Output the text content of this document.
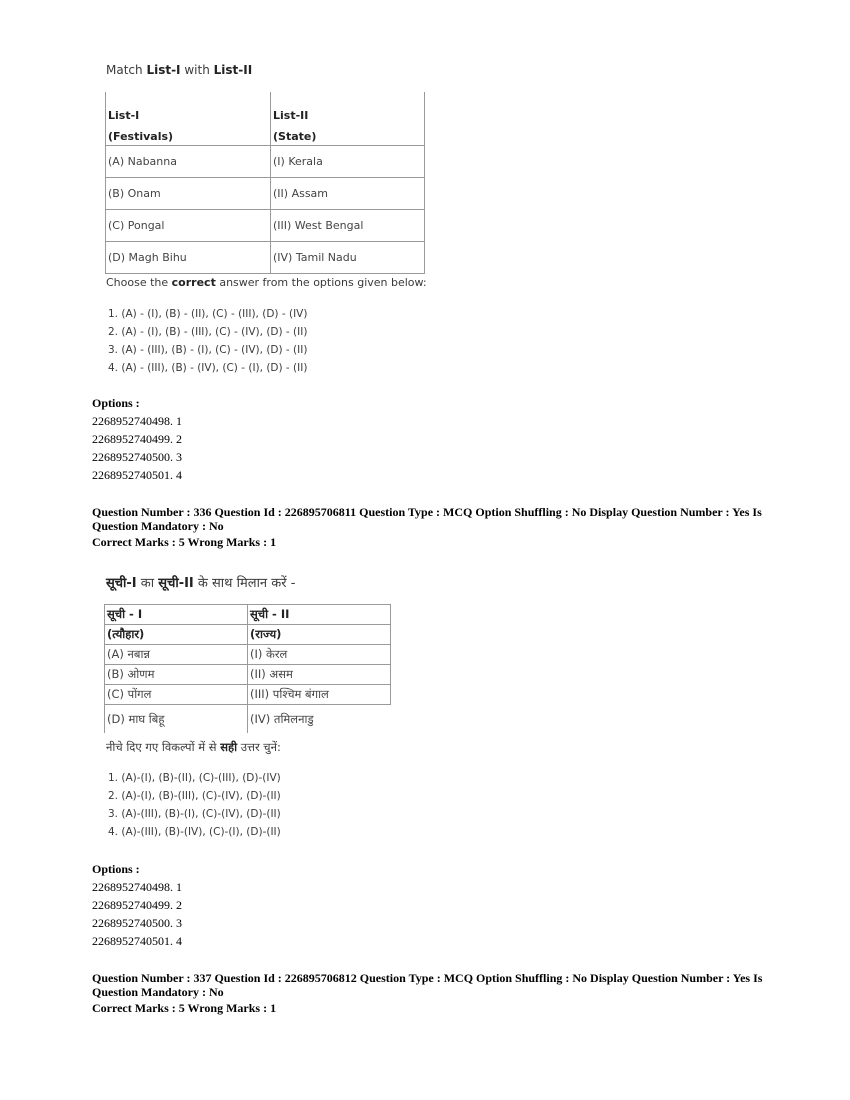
Match List-I with List-II
List-I	List-II
(Festivals)	(State)
(A) Nabanna	(I) Kerala
(B) Onam	(II) Assam
(C) Pongal	(III) West Bengal
(D) Magh Bihu	(IV) Tamil Nadu
Choose the correct answer from the options given below:
1. (A) - (I), (B) - (II), (C) - (III), (D) - (IV)
2. (A) - (I), (B) - (III), (C) - (IV), (D) - (II)
3. (A) - (III), (B) - (I), (C) - (IV), (D) - (II)
4. (A) - (III), (B) - (IV), (C) - (I), (D) - (II)
Options :
2268952740498. 1
2268952740499. 2
2268952740500. 3
2268952740501. 4
Question Number : 336 Question Id : 226895706811 Question Type : MCQ Option Shuffling : No Display Question Number : Yes Is
Question Mandatory : No
Correct Marks : 5 Wrong Marks : 1
सूची-I का सूची-II के साथ मिलान करें -
सूची - I	सूची - II
(त्यौहार)	(राज्य)
(A) नबान्न	(I) केरल
(B) ओणम	(II) असम
(C) पोंगल	(III) पश्चिम बंगाल
(D) माघ बिहू	(IV) तमिलनाडु
नीचे दिए गए विकल्पों में से सही उत्तर चुनें:
1. (A)-(I), (B)-(II), (C)-(III), (D)-(IV)
2. (A)-(I), (B)-(III), (C)-(IV), (D)-(II)
3. (A)-(III), (B)-(I), (C)-(IV), (D)-(II)
4. (A)-(III), (B)-(IV), (C)-(I), (D)-(II)
Options :
2268952740498. 1
2268952740499. 2
2268952740500. 3
2268952740501. 4
Question Number : 337 Question Id : 226895706812 Question Type : MCQ Option Shuffling : No Display Question Number : Yes Is
Question Mandatory : No
Correct Marks : 5 Wrong Marks : 1
